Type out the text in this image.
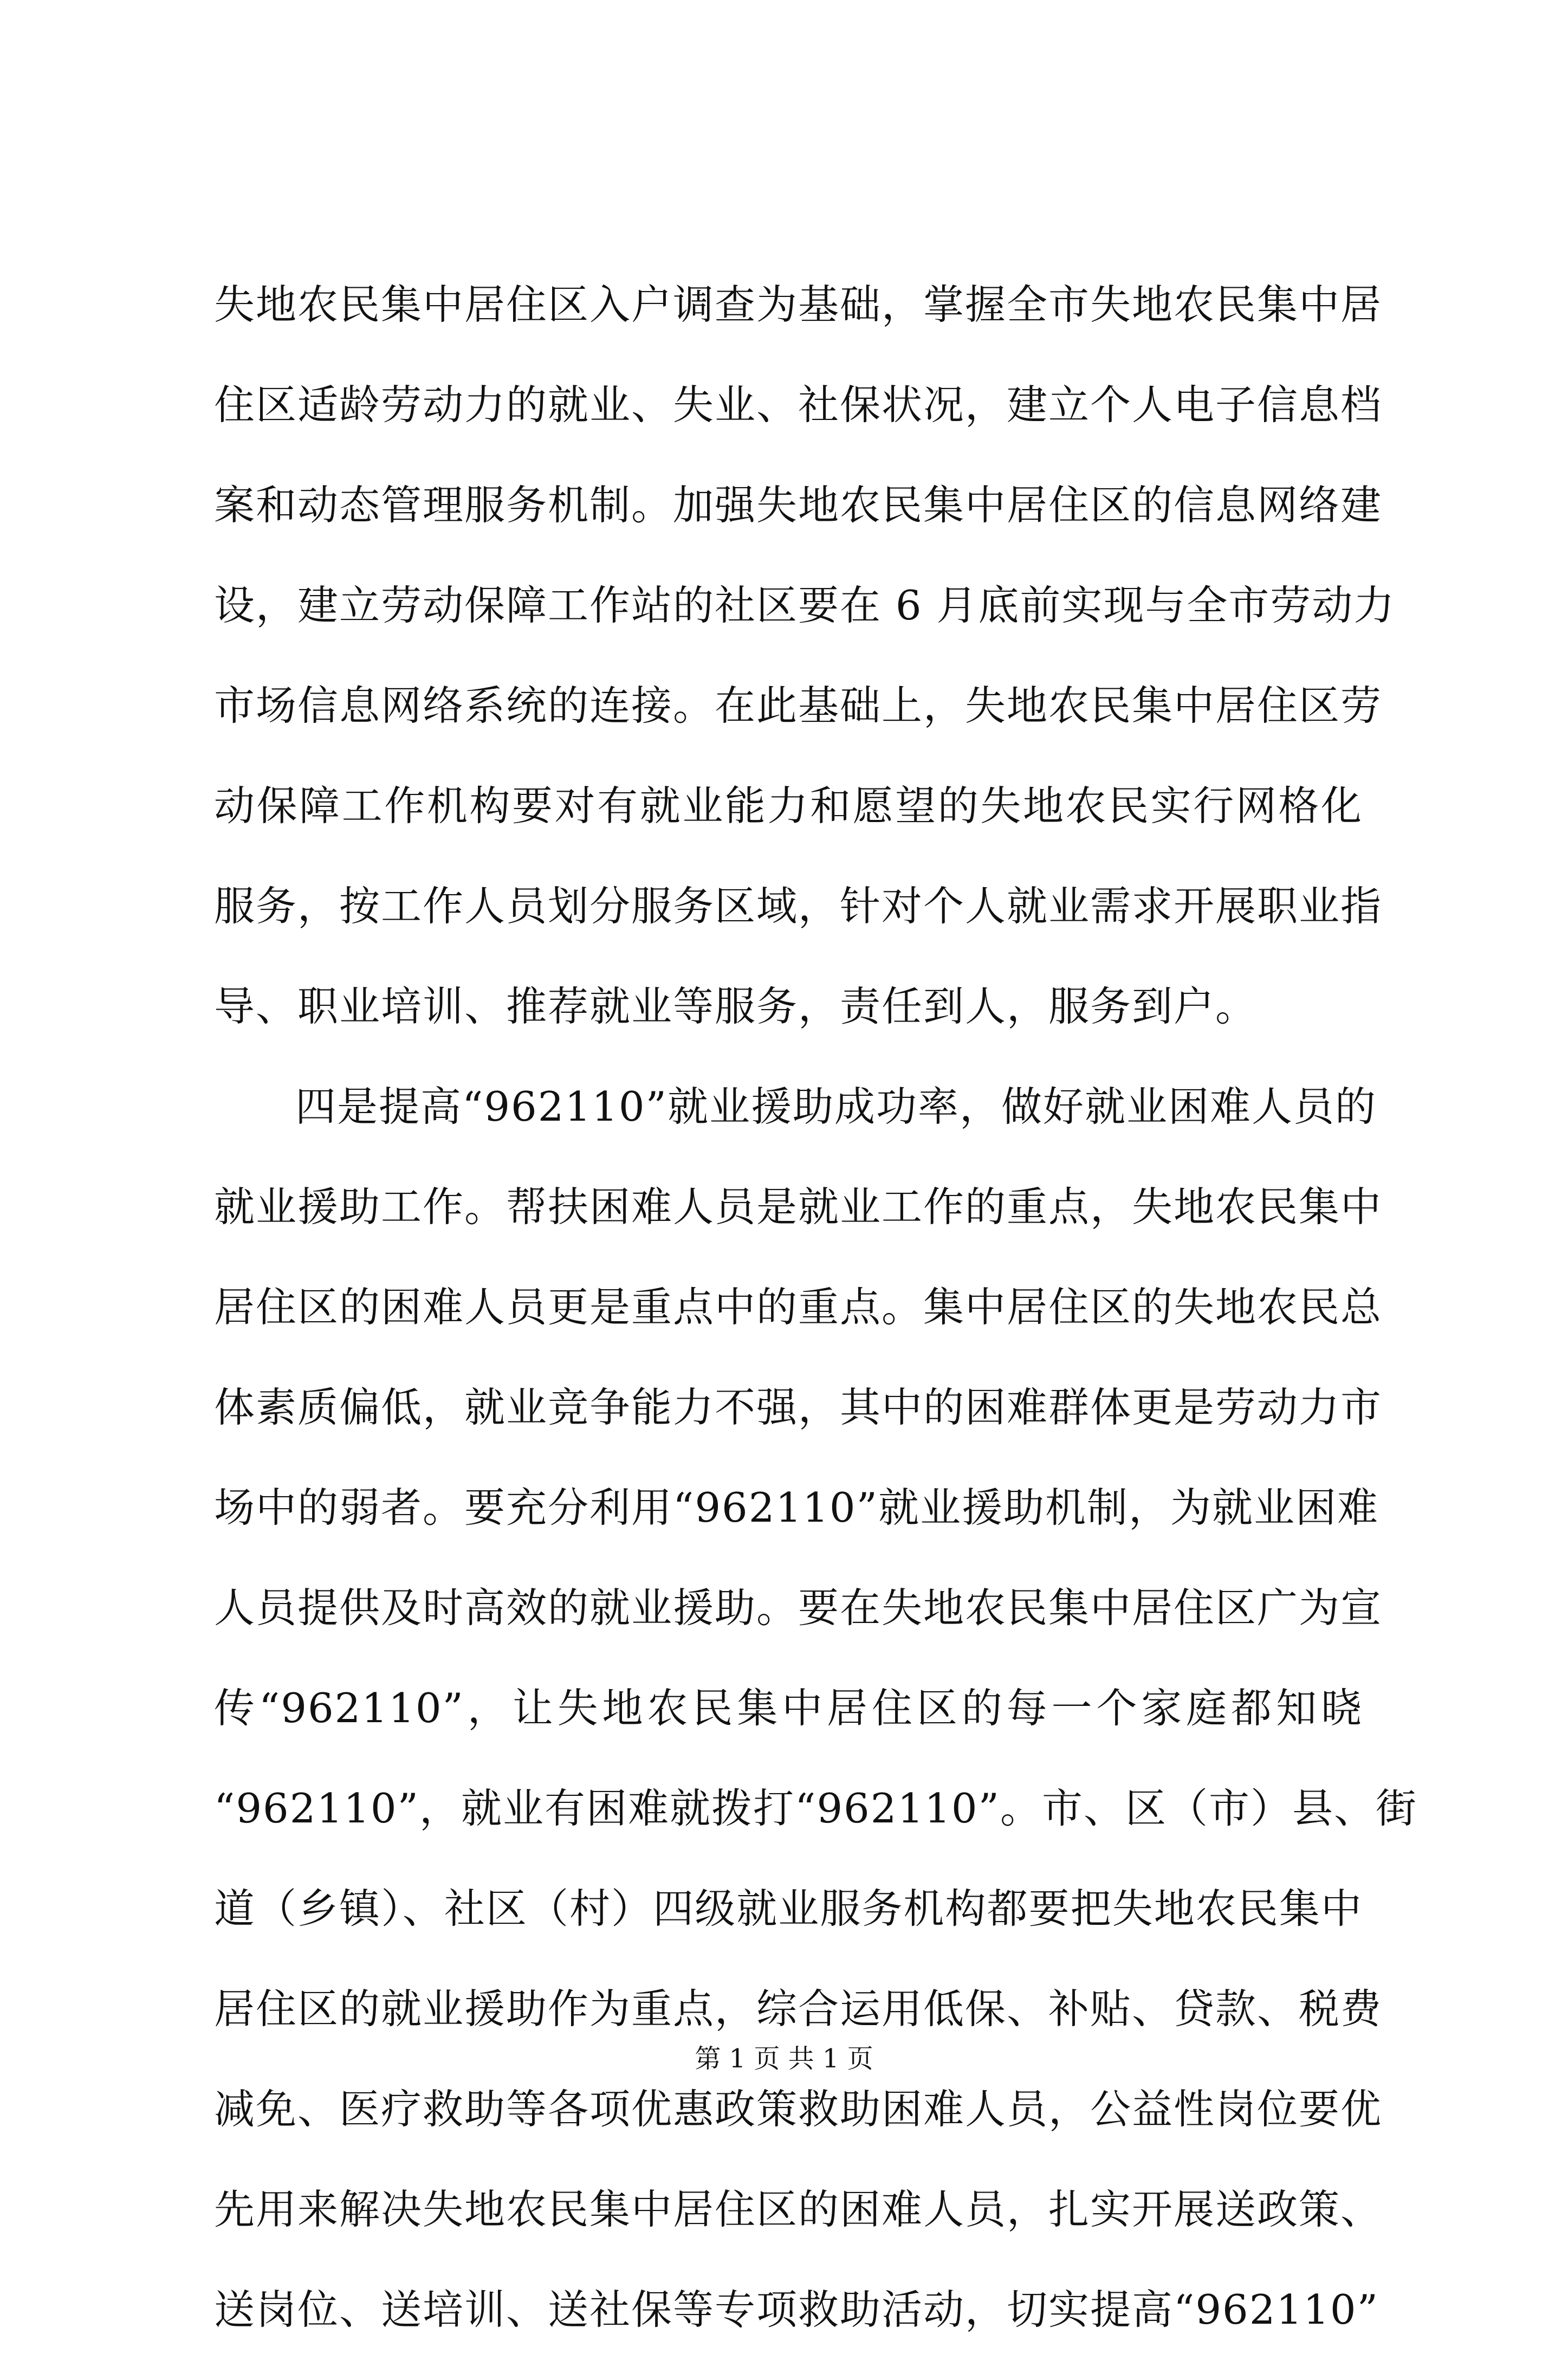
失地农民集中居住区入户调查为基础，掌握全市失地农民集中居
住区适龄劳动力的就业、失业、社保状况，建立个人电子信息档
案和动态管理服务机制。加强失地农民集中居住区的信息网络建
设，建立劳动保障工作站的社区要在 6 月底前实现与全市劳动力
市场信息网络系统的连接。在此基础上，失地农民集中居住区劳
动保障工作机构要对有就业能力和愿望的失地农民实行网格化
服务，按工作人员划分服务区域，针对个人就业需求开展职业指
导、职业培训、推荐就业等服务，责任到人，服务到户。
四是提高“962110”就业援助成功率，做好就业困难人员的
就业援助工作。帮扶困难人员是就业工作的重点，失地农民集中
居住区的困难人员更是重点中的重点。集中居住区的失地农民总
体素质偏低，就业竞争能力不强，其中的困难群体更是劳动力市
场中的弱者。要充分利用“962110”就业援助机制，为就业困难
人员提供及时高效的就业援助。要在失地农民集中居住区广为宣
传“962110”，让失地农民集中居住区的每一个家庭都知晓
“962110”，就业有困难就拨打“962110”。市、区（市）县、街
道（乡镇）、社区（村）四级就业服务机构都要把失地农民集中
居住区的就业援助作为重点，综合运用低保、补贴、贷款、税费
减免、医疗救助等各项优惠政策救助困难人员，公益性岗位要优
先用来解决失地农民集中居住区的困难人员，扎实开展送政策、
送岗位、送培训、送社保等专项救助活动，切实提高“962110”
第 1 页 共 1 页
